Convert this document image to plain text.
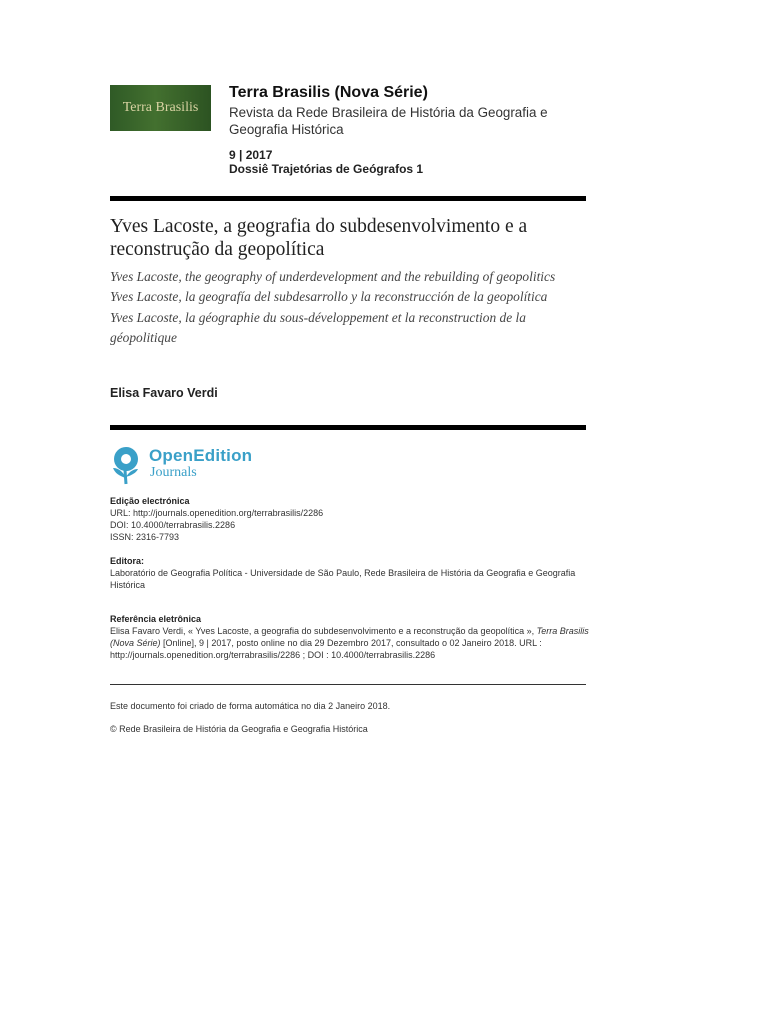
Terra Brasilis
Terra Brasilis (Nova Série)
Revista da Rede Brasileira de História da Geografia e Geografia Histórica
9 | 2017
Dossiê Trajetórias de Geógrafos 1
Yves Lacoste, a geografia do subdesenvolvimento e a reconstrução da geopolítica
Yves Lacoste, the geography of underdevelopment and the rebuilding of geopolitics
Yves Lacoste, la geografía del subdesarrollo y la reconstrucción de la geopolítica
Yves Lacoste, la géographie du sous-développement et la reconstruction de la géopolitique
Elisa Favaro Verdi
OpenEdition
Journals
Edição electrónica
URL: http://journals.openedition.org/terrabrasilis/2286
DOI: 10.4000/terrabrasilis.2286
ISSN: 2316-7793
Editora:
Laboratório de Geografia Política - Universidade de São Paulo, Rede Brasileira de História da Geografia e Geografia Histórica
Referência eletrônica
Elisa Favaro Verdi, « Yves Lacoste, a geografia do subdesenvolvimento e a reconstrução da geopolítica », Terra Brasilis (Nova Série) [Online], 9 | 2017, posto online no dia 29 Dezembro 2017, consultado o 02 Janeiro 2018. URL : http://journals.openedition.org/terrabrasilis/2286 ; DOI : 10.4000/terrabrasilis.2286
Este documento foi criado de forma automática no dia 2 Janeiro 2018.
© Rede Brasileira de História da Geografia e Geografia Histórica
